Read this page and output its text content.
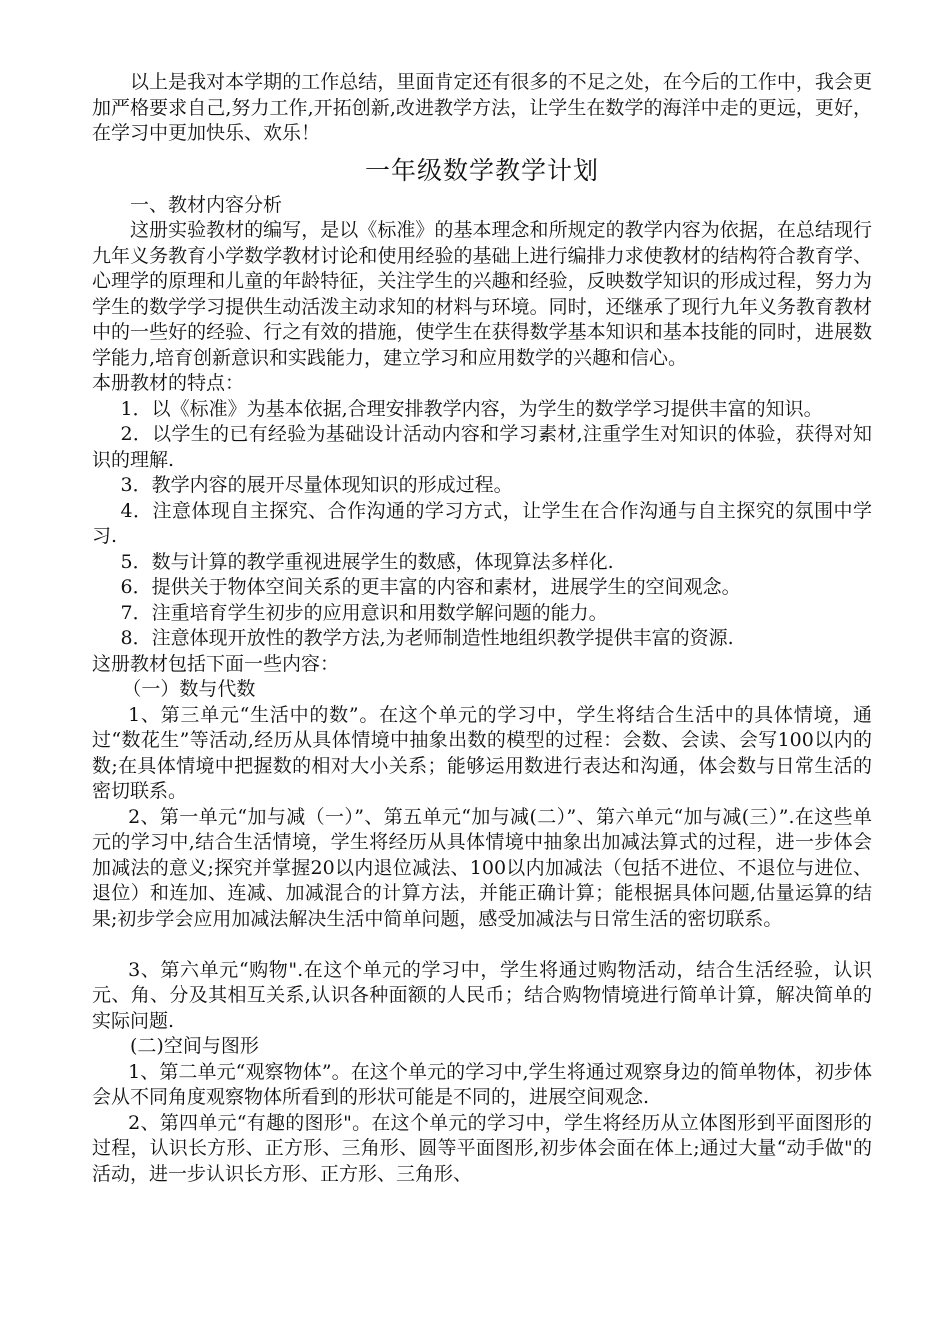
以上是我对本学期的工作总结，里面肯定还有很多的不足之处，在今后的工作中，我会更加严格要求自己,努力工作,开拓创新,改进教学方法，让学生在数学的海洋中走的更远，更好，在学习中更加快乐、欢乐！

一年级数学教学计划

一、教材内容分析

这册实验教材的编写，是以《标准》的基本理念和所规定的教学内容为依据，在总结现行九年义务教育小学数学教材讨论和使用经验的基础上进行编排力求使教材的结构符合教育学、心理学的原理和儿童的年龄特征，关注学生的兴趣和经验，反映数学知识的形成过程，努力为学生的数学学习提供生动活泼主动求知的材料与环境。同时，还继承了现行九年义务教育教材中的一些好的经验、行之有效的措施，使学生在获得数学基本知识和基本技能的同时，进展数学能力,培育创新意识和实践能力，建立学习和应用数学的兴趣和信心。

本册教材的特点：

1．以《标准》为基本依据,合理安排教学内容，为学生的数学学习提供丰富的知识。

2．以学生的已有经验为基础设计活动内容和学习素材,注重学生对知识的体验，获得对知识的理解.

3．教学内容的展开尽量体现知识的形成过程。

4．注意体现自主探究、合作沟通的学习方式，让学生在合作沟通与自主探究的氛围中学习.

5．数与计算的教学重视进展学生的数感，体现算法多样化.

6．提供关于物体空间关系的更丰富的内容和素材，进展学生的空间观念。

7．注重培育学生初步的应用意识和用数学解问题的能力。

8．注意体现开放性的教学方法,为老师制造性地组织教学提供丰富的资源.

这册教材包括下面一些内容：

（一）数与代数

1、第三单元“生活中的数”。在这个单元的学习中，学生将结合生活中的具体情境，通过“数花生”等活动,经历从具体情境中抽象出数的模型的过程：会数、会读、会写100以内的数;在具体情境中把握数的相对大小关系；能够运用数进行表达和沟通，体会数与日常生活的密切联系。

2、第一单元“加与减（一）”、第五单元“加与减(二）”、第六单元“加与减(三）”.在这些单元的学习中,结合生活情境，学生将经历从具体情境中抽象出加减法算式的过程，进一步体会加减法的意义;探究并掌握20以内退位减法、100以内加减法（包括不进位、不退位与进位、退位）和连加、连减、加减混合的计算方法，并能正确计算；能根据具体问题,估量运算的结果;初步学会应用加减法解决生活中简单问题，感受加减法与日常生活的密切联系。

3、第六单元“购物".在这个单元的学习中，学生将通过购物活动，结合生活经验，认识元、角、分及其相互关系,认识各种面额的人民币；结合购物情境进行简单计算，解决简单的实际问题.

(二)空间与图形

1、第二单元“观察物体”。在这个单元的学习中,学生将通过观察身边的简单物体，初步体会从不同角度观察物体所看到的形状可能是不同的，进展空间观念.

2、第四单元“有趣的图形"。在这个单元的学习中，学生将经历从立体图形到平面图形的过程，认识长方形、正方形、三角形、圆等平面图形,初步体会面在体上;通过大量“动手做"的活动，进一步认识长方形、正方形、三角形、
